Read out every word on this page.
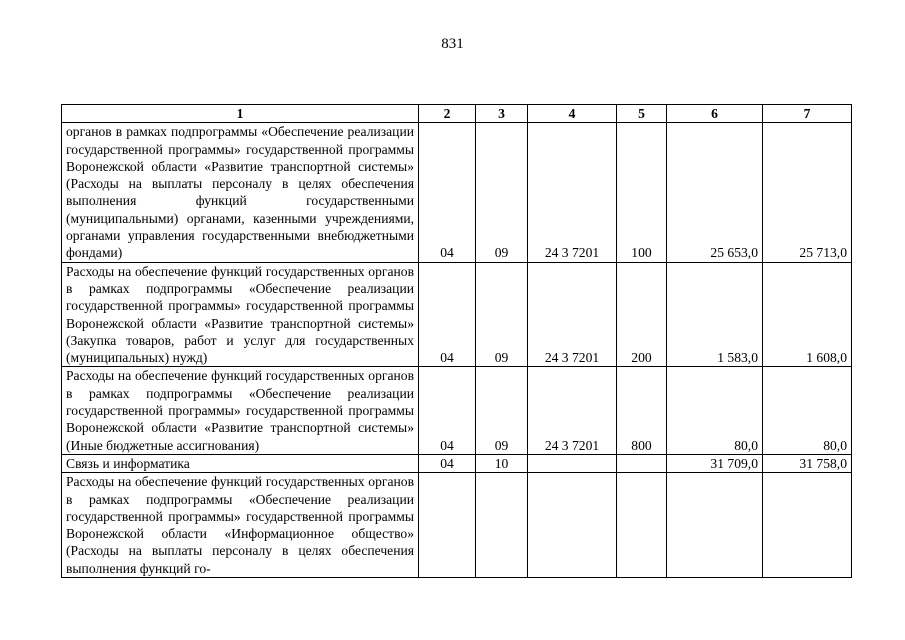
831
1	2	3	4	5	6	7
органов в рамках подпрограммы «Обеспечение реализации государственной программы» государственной программы Воронежской области «Развитие транспортной системы» (Расходы на выплаты персоналу в целях обеспечения выполнения функций государственными (муниципальными) органами, казенными учреждениями, органами управления государственными внебюджетными фондами)	04	09	24 3 7201	100	25 653,0	25 713,0
Расходы на обеспечение функций государственных органов в рамках подпрограммы «Обеспечение реализации государственной программы» государственной программы Воронежской области «Развитие транспортной системы» (Закупка товаров, работ и услуг для государственных (муниципальных) нужд)	04	09	24 3 7201	200	1 583,0	1 608,0
Расходы на обеспечение функций государственных органов в рамках подпрограммы «Обеспечение реализации государственной программы» государственной программы Воронежской области «Развитие транспортной системы» (Иные бюджетные ассигнования)	04	09	24 3 7201	800	80,0	80,0
Связь и информатика	04	10			31 709,0	31 758,0
Расходы на обеспечение функций государственных органов в рамках подпрограммы «Обеспечение реализации государственной программы» государственной программы Воронежской области «Информационное общество» (Расходы на выплаты персоналу в целях обеспечения выполнения функций го-						
